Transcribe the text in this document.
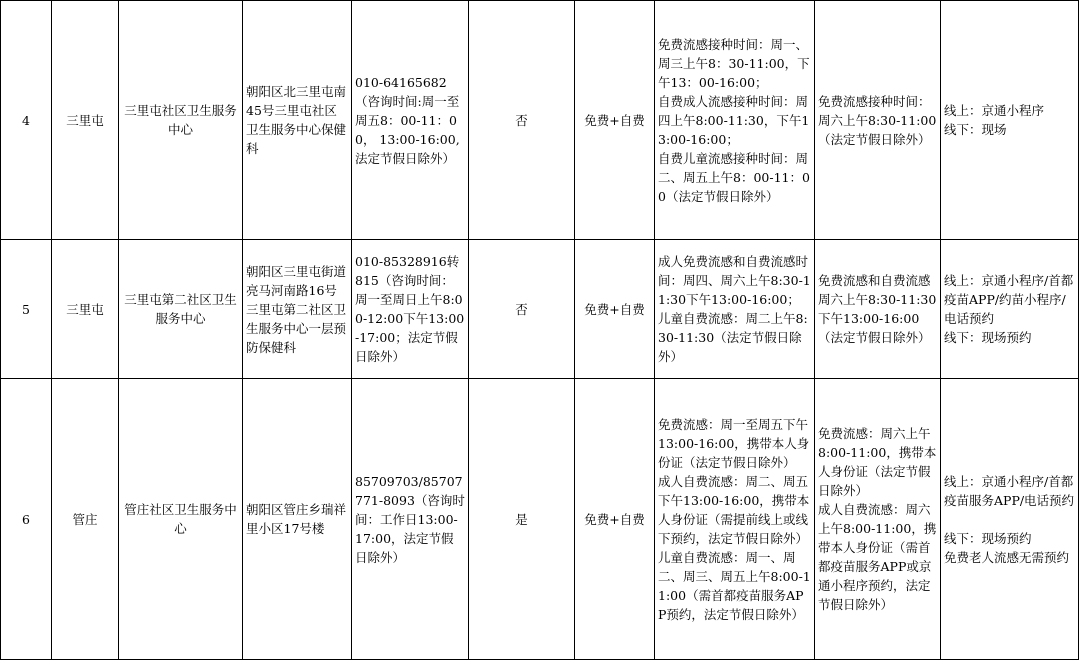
4	三里屯	三里屯社区卫生服务中心	朝阳区北三里屯南45号三里屯社区卫生服务中心保健科	010-64165682
（咨询时间:周一至周五8：00-11：00， 13:00-16:00,法定节假日除外）	否	免费+自费	免费流感接种时间：周一、周三上午8：30-11:00，下午13：00-16:00；
自费成人流感接种时间：周四上午8:00-11:30，下午13:00-16:00；
自费儿童流感接种时间：周二、周五上午8：00-11：00（法定节假日除外）	免费流感接种时间：周六上午8:30-11:00（法定节假日除外）	线上：京通小程序
线下：现场

5	三里屯	三里屯第二社区卫生服务中心	朝阳区三里屯街道亮马河南路16号三里屯第二社区卫生服务中心一层预防保健科	010-85328916转815（咨询时间：周一至周日上午8:00-12:00下午13:00-17:00；法定节假日除外）	否	免费+自费	成人免费流感和自费流感时间：周四、周六上午8:30-11:30下午13:00-16:00；儿童自费流感：周二上午8:30-11:30（法定节假日除外）	免费流感和自费流感周六上午8:30-11:30下午13:00-16:00（法定节假日除外）	线上：京通小程序/首都疫苗APP/约苗小程序/电话预约
线下：现场预约

6	管庄	管庄社区卫生服务中心	朝阳区管庄乡瑞祥里小区17号楼	85709703/85707771-8093（咨询时间：工作日13:00-17:00，法定节假日除外）	是	免费+自费	免费流感：周一至周五下午13:00-16:00，携带本人身份证（法定节假日除外）
成人自费流感：周二、周五下午13:00-16:00，携带本人身份证（需提前线上或线下预约，法定节假日除外）
儿童自费流感：周一、周二、周三、周五上午8:00-11:00（需首都疫苗服务APP预约，法定节假日除外）	免费流感：周六上午8:00-11:00，携带本人身份证（法定节假日除外）
成人自费流感：周六上午8:00-11:00，携带本人身份证（需首都疫苗服务APP或京通小程序预约，法定节假日除外）	线上：京通小程序/首都疫苗服务APP/电话预约

线下：现场预约
免费老人流感无需预约
